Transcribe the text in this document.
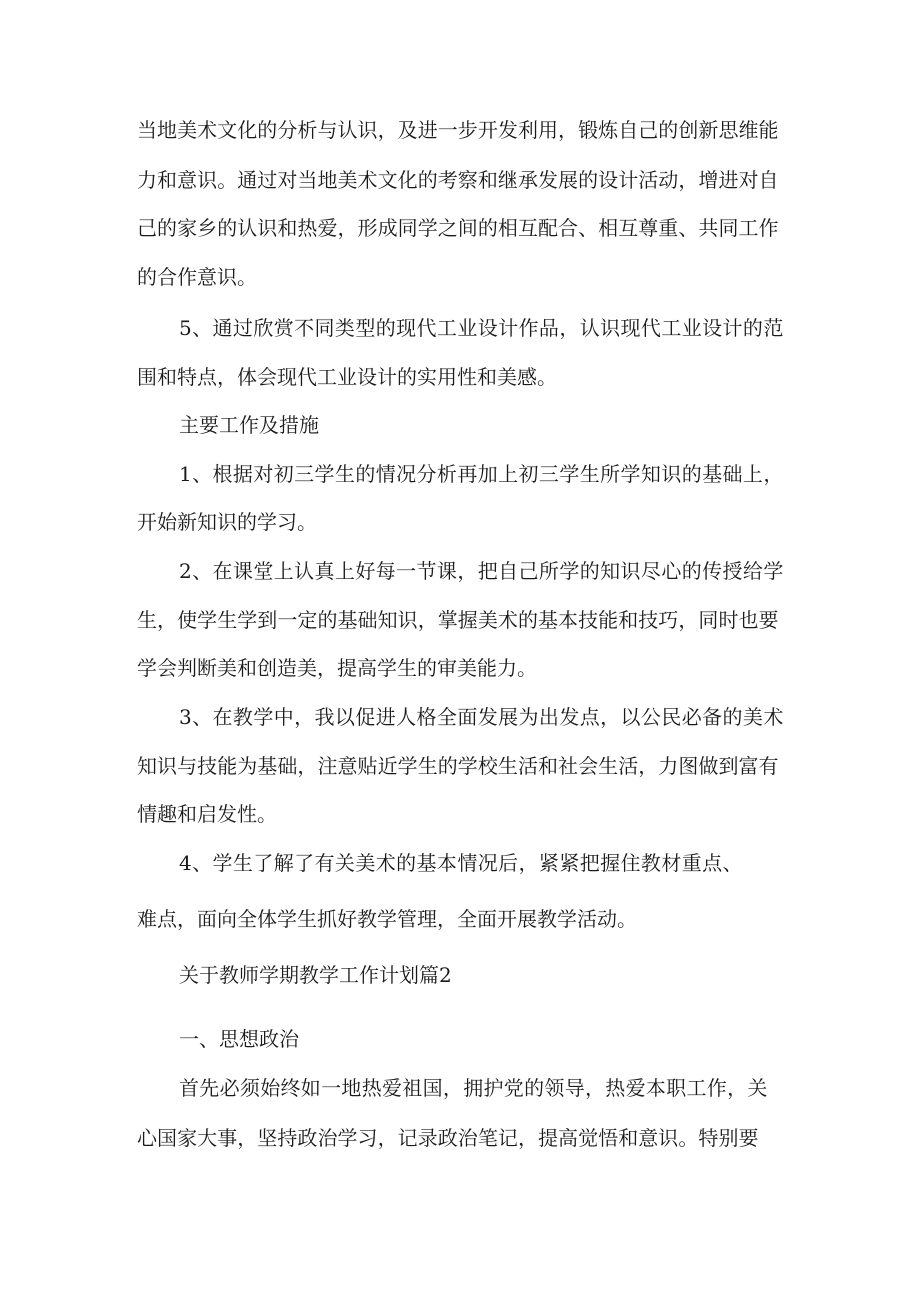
当地美术文化的分析与认识，及进一步开发利用，锻炼自己的创新思维能
力和意识。通过对当地美术文化的考察和继承发展的设计活动，增进对自
己的家乡的认识和热爱，形成同学之间的相互配合、相互尊重、共同工作
的合作意识。
5、通过欣赏不同类型的现代工业设计作品，认识现代工业设计的范
围和特点，体会现代工业设计的实用性和美感。
主要工作及措施
1、根据对初三学生的情况分析再加上初三学生所学知识的基础上，
开始新知识的学习。
2、在课堂上认真上好每一节课，把自己所学的知识尽心的传授给学
生，使学生学到一定的基础知识，掌握美术的基本技能和技巧，同时也要
学会判断美和创造美，提高学生的审美能力。
3、在教学中，我以促进人格全面发展为出发点，以公民必备的美术
知识与技能为基础，注意贴近学生的学校生活和社会生活，力图做到富有
情趣和启发性。
4、学生了解了有关美术的基本情况后，紧紧把握住教材重点、
难点，面向全体学生抓好教学管理，全面开展教学活动。
关于教师学期教学工作计划篇2
一、思想政治
首先必须始终如一地热爱祖国，拥护党的领导，热爱本职工作，关
心国家大事，坚持政治学习，记录政治笔记，提高觉悟和意识。特别要
